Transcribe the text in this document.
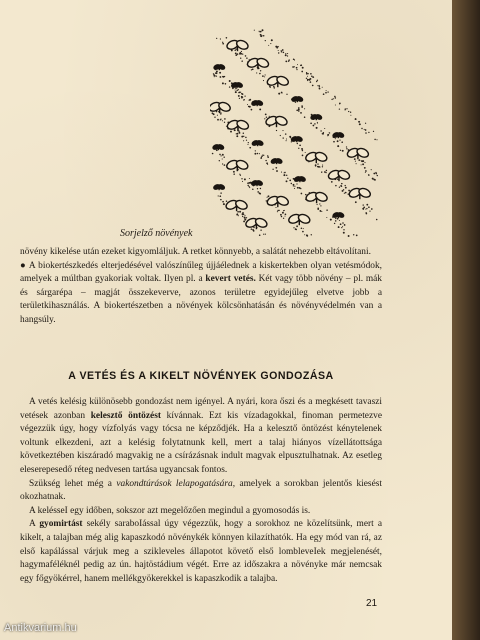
Sorjelző növények

növény kikelése után ezeket kigyomláljuk. A retket könnyebb, a salátát nehezebb eltávolítani.

● A biokertészkedés elterjedésével valószínűleg újjáélednek a kiskertekben olyan vetésmódok, amelyek a múltban gyakoriak voltak. Ilyen pl. a kevert vetés. Két vagy több növény – pl. mák és sárgarépa – magját összekeverve, azonos területre egyidejűleg elvetve jobb a területkihasználás. A biokertészetben a növények kölcsönhatásán és növényvédelmén van a hangsúly.

A VETÉS ÉS A KIKELT NÖVÉNYEK GONDOZÁSA

A vetés kelésig különösebb gondozást nem igényel. A nyári, kora őszi és a megkésett tavaszi vetések azonban kelesztő öntözést kívánnak. Ezt kis vízadagokkal, finoman permetezve végezzük úgy, hogy vízfolyás vagy tócsa ne képződjék. Ha a kelesztő öntözést kénytelenek voltunk elkezdeni, azt a kelésig folytatnunk kell, mert a talaj hiányos vízellátottsága következtében kiszáradó magvakig ne a csírázásnak indult magvak elpusztulhatnak. Az esetleg eleserepesedő réteg nedvesen tartása ugyancsak fontos.

Szükség lehet még a vakondtúrások lelapogatására, amelyek a sorokban jelentős kiesést okozhatnak.

A kelésseI egy időben, sokszor azt megelőzően megindul a gyomosodás is.

A gyomirtást sekély saraboIással úgy végezzük, hogy a sorokhoz ne közelítsünk, mert a kikelt, a talajban még alig kapaszkodó növénykék könnyen kilazíthatók. Ha egy mód van rá, az első kapálással várjuk meg a szikleveles állapotot követő első lombleveIek megjelenését, hagymaféléknél pedig az ún. hajtöstádium végét. Erre az időszakra a növényke már nemcsak egy főgyökérrel, hanem mellékgyökerekkel is kapaszkodik a talajba.

21
Antikvarium.hu
